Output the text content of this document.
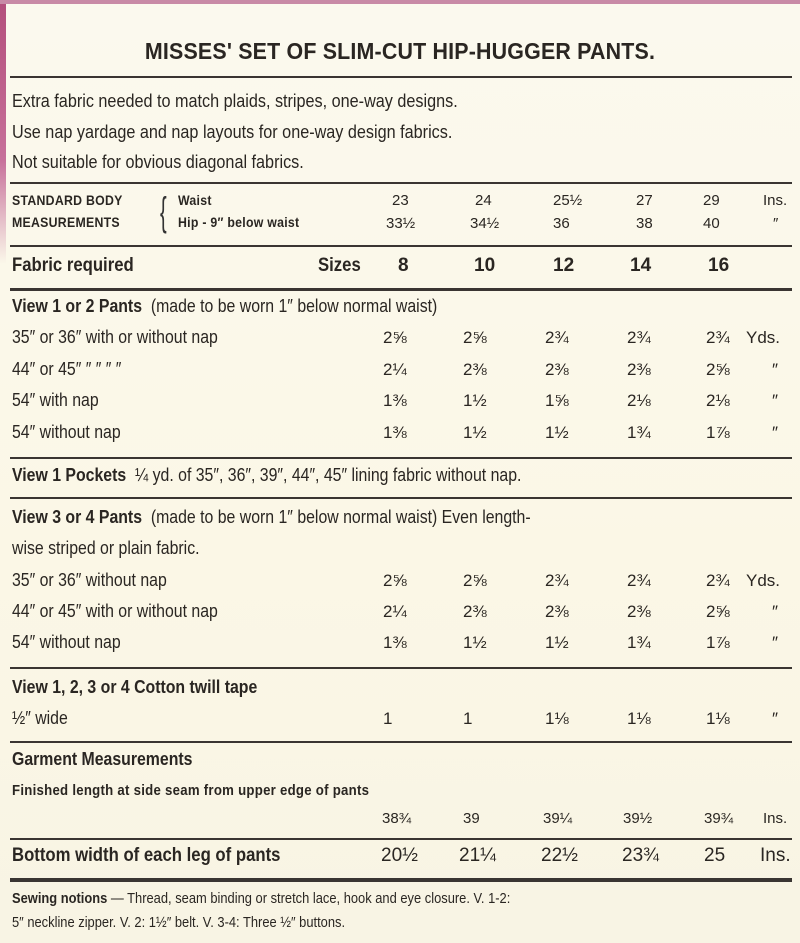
MISSES' SET OF SLIM-CUT HIP-HUGGER PANTS.
Extra fabric needed to match plaids, stripes, one-way designs.
Use nap yardage and nap layouts for one-way design fabrics.
Not suitable for obvious diagonal fabrics.
STANDARD BODY
MEASUREMENTS	{ Waist
Hip - 9″ below waist
23	24	25½	27	29	Ins.
33½	34½	36	38	40	″
Fabric required	Sizes	8	10	12	14	16
View 1 or 2 Pants (made to be worn 1″ below normal waist)
35″ or 36″ with or without nap	2⅝	2⅝	2¾	2¾	2¾ Yds.
44″ or 45″ ″ ″ ″ ″	2¼	2⅜	2⅜	2⅜	2⅝ ″
54″ with nap	1⅜	1½	1⅝	2⅛	2⅛ ″
54″ without nap	1⅜	1½	1½	1¾	1⅞ ″
View 1 Pockets ¼ yd. of 35″, 36″, 39″, 44″, 45″ lining fabric without nap.
View 3 or 4 Pants (made to be worn 1″ below normal waist) Even length-
wise striped or plain fabric.
35″ or 36″ without nap	2⅝	2⅝	2¾	2¾	2¾ Yds.
44″ or 45″ with or without nap	2¼	2⅜	2⅜	2⅜	2⅝ ″
54″ without nap	1⅜	1½	1½	1¾	1⅞ ″
View 1, 2, 3 or 4 Cotton twill tape
½″ wide	1	1	1⅛	1⅛	1⅛ ″
Garment Measurements
Finished length at side seam from upper edge of pants
38¾	39	39¼	39½	39¾ Ins.
Bottom width of each leg of pants	20½ 21¼ 22½ 23¾ 25 Ins.
Sewing notions — Thread, seam binding or stretch lace, hook and eye closure. V. 1-2:
5″ neckline zipper. V. 2: 1½″ belt. V. 3-4: Three ½″ buttons.
